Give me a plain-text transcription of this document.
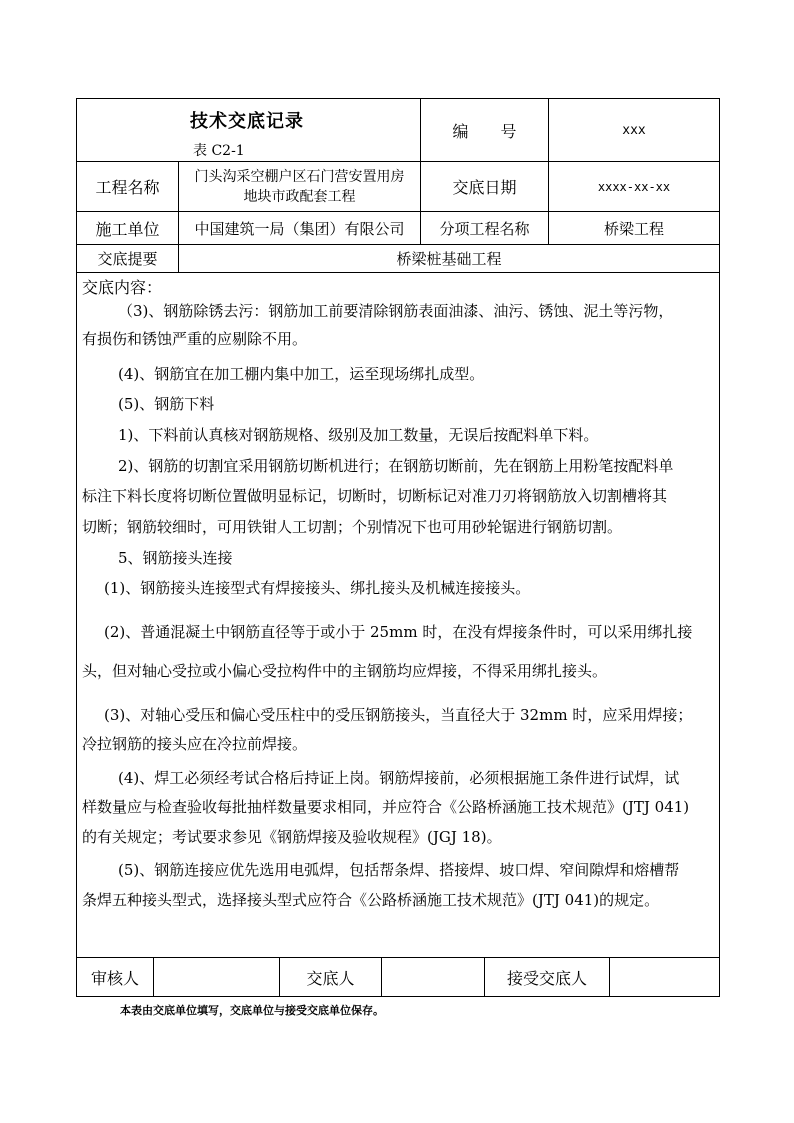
技术交底记录
表 C2-1
编　　号	xxx
工程名称
门头沟采空棚户区石门营安置用房
地块市政配套工程	交底日期	xxxx-xx-xx
施工单位	中国建筑一局（集团）有限公司	分项工程名称	桥梁工程
交底提要	桥梁桩基础工程
交底内容：
（3)、钢筋除锈去污：钢筋加工前要清除钢筋表面油漆、油污、锈蚀、泥土等污物，
有损伤和锈蚀严重的应剔除不用。
(4)、钢筋宜在加工棚内集中加工，运至现场绑扎成型。
(5)、钢筋下料
1)、下料前认真核对钢筋规格、级别及加工数量，无误后按配料单下料。
2)、钢筋的切割宜采用钢筋切断机进行；在钢筋切断前，先在钢筋上用粉笔按配料单
标注下料长度将切断位置做明显标记，切断时，切断标记对准刀刃将钢筋放入切割槽将其
切断；钢筋较细时，可用铁钳人工切割；个别情况下也可用砂轮锯进行钢筋切割。
5、钢筋接头连接
(1)、钢筋接头连接型式有焊接接头、绑扎接头及机械连接接头。
(2)、普通混凝土中钢筋直径等于或小于 25mm 时，在没有焊接条件时，可以采用绑扎接
头，但对轴心受拉或小偏心受拉构件中的主钢筋均应焊接，不得采用绑扎接头。
(3)、对轴心受压和偏心受压柱中的受压钢筋接头，当直径大于 32mm 时，应采用焊接；
冷拉钢筋的接头应在冷拉前焊接。
(4)、焊工必须经考试合格后持证上岗。钢筋焊接前，必须根据施工条件进行试焊，试
样数量应与检查验收每批抽样数量要求相同，并应符合《公路桥涵施工技术规范》(JTJ 041)
的有关规定；考试要求参见《钢筋焊接及验收规程》(JGJ 18)。
(5)、钢筋连接应优先选用电弧焊，包括帮条焊、搭接焊、坡口焊、窄间隙焊和熔槽帮
条焊五种接头型式，选择接头型式应符合《公路桥涵施工技术规范》(JTJ 041)的规定。
审核人	交底人	接受交底人
本表由交底单位填写，交底单位与接受交底单位保存。
